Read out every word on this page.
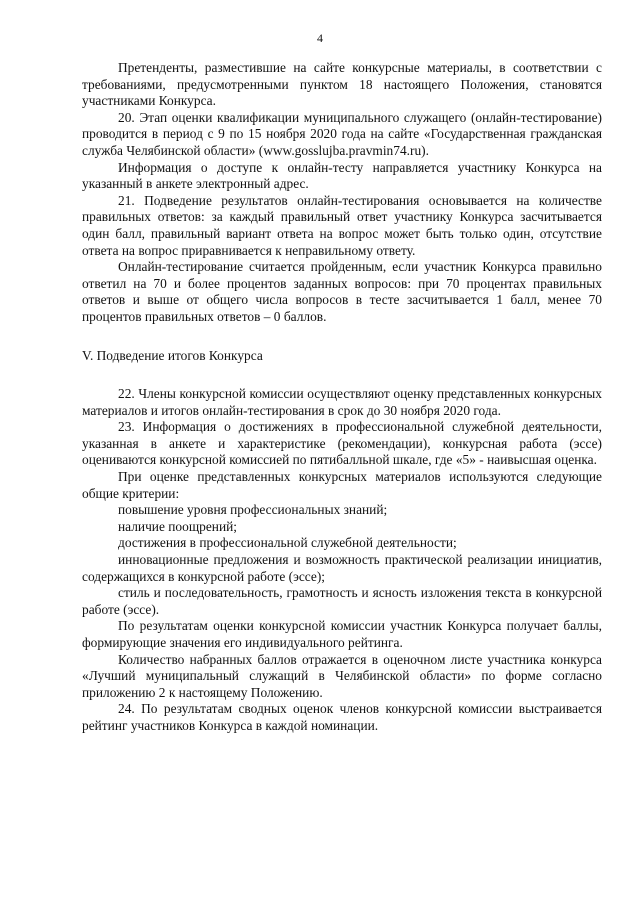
4

Претенденты, разместившие на сайте конкурсные материалы, в соответствии с требованиями, предусмотренными пунктом 18 настоящего Положения, становятся участниками Конкурса.

20. Этап оценки квалификации муниципального служащего (онлайн-тестирование) проводится в период с 9 по 15 ноября 2020 года на сайте «Государственная гражданская служба Челябинской области» (www.gosslujba.pravmin74.ru).

Информация о доступе к онлайн-тесту направляется участнику Конкурса на указанный в анкете электронный адрес.

21. Подведение результатов онлайн-тестирования основывается на количестве правильных ответов: за каждый правильный ответ участнику Конкурса засчитывается один балл, правильный вариант ответа на вопрос может быть только один, отсутствие ответа на вопрос приравнивается к неправильному ответу.

Онлайн-тестирование считается пройденным, если участник Конкурса правильно ответил на 70 и более процентов заданных вопросов: при 70 процентах правильных ответов и выше от общего числа вопросов в тесте засчитывается 1 балл, менее 70 процентов правильных ответов – 0 баллов.

V. Подведение итогов Конкурса

22. Члены конкурсной комиссии осуществляют оценку представленных конкурсных материалов и итогов онлайн-тестирования в срок до 30 ноября 2020 года.

23. Информация о достижениях в профессиональной служебной деятельности, указанная в анкете и характеристике (рекомендации), конкурсная работа (эссе) оцениваются конкурсной комиссией по пятибалльной шкале, где «5» - наивысшая оценка.

При оценке представленных конкурсных материалов используются следующие общие критерии:

повышение уровня профессиональных знаний;

наличие поощрений;

достижения в профессиональной служебной деятельности;

инновационные предложения и возможность практической реализации инициатив, содержащихся в конкурсной работе (эссе);

стиль и последовательность, грамотность и ясность изложения текста в конкурсной работе (эссе).

По результатам оценки конкурсной комиссии участник Конкурса получает баллы, формирующие значения его индивидуального рейтинга.

Количество набранных баллов отражается в оценочном листе участника конкурса «Лучший муниципальный служащий в Челябинской области» по форме согласно приложению 2 к настоящему Положению.

24. По результатам сводных оценок членов конкурсной комиссии выстраивается рейтинг участников Конкурса в каждой номинации.
